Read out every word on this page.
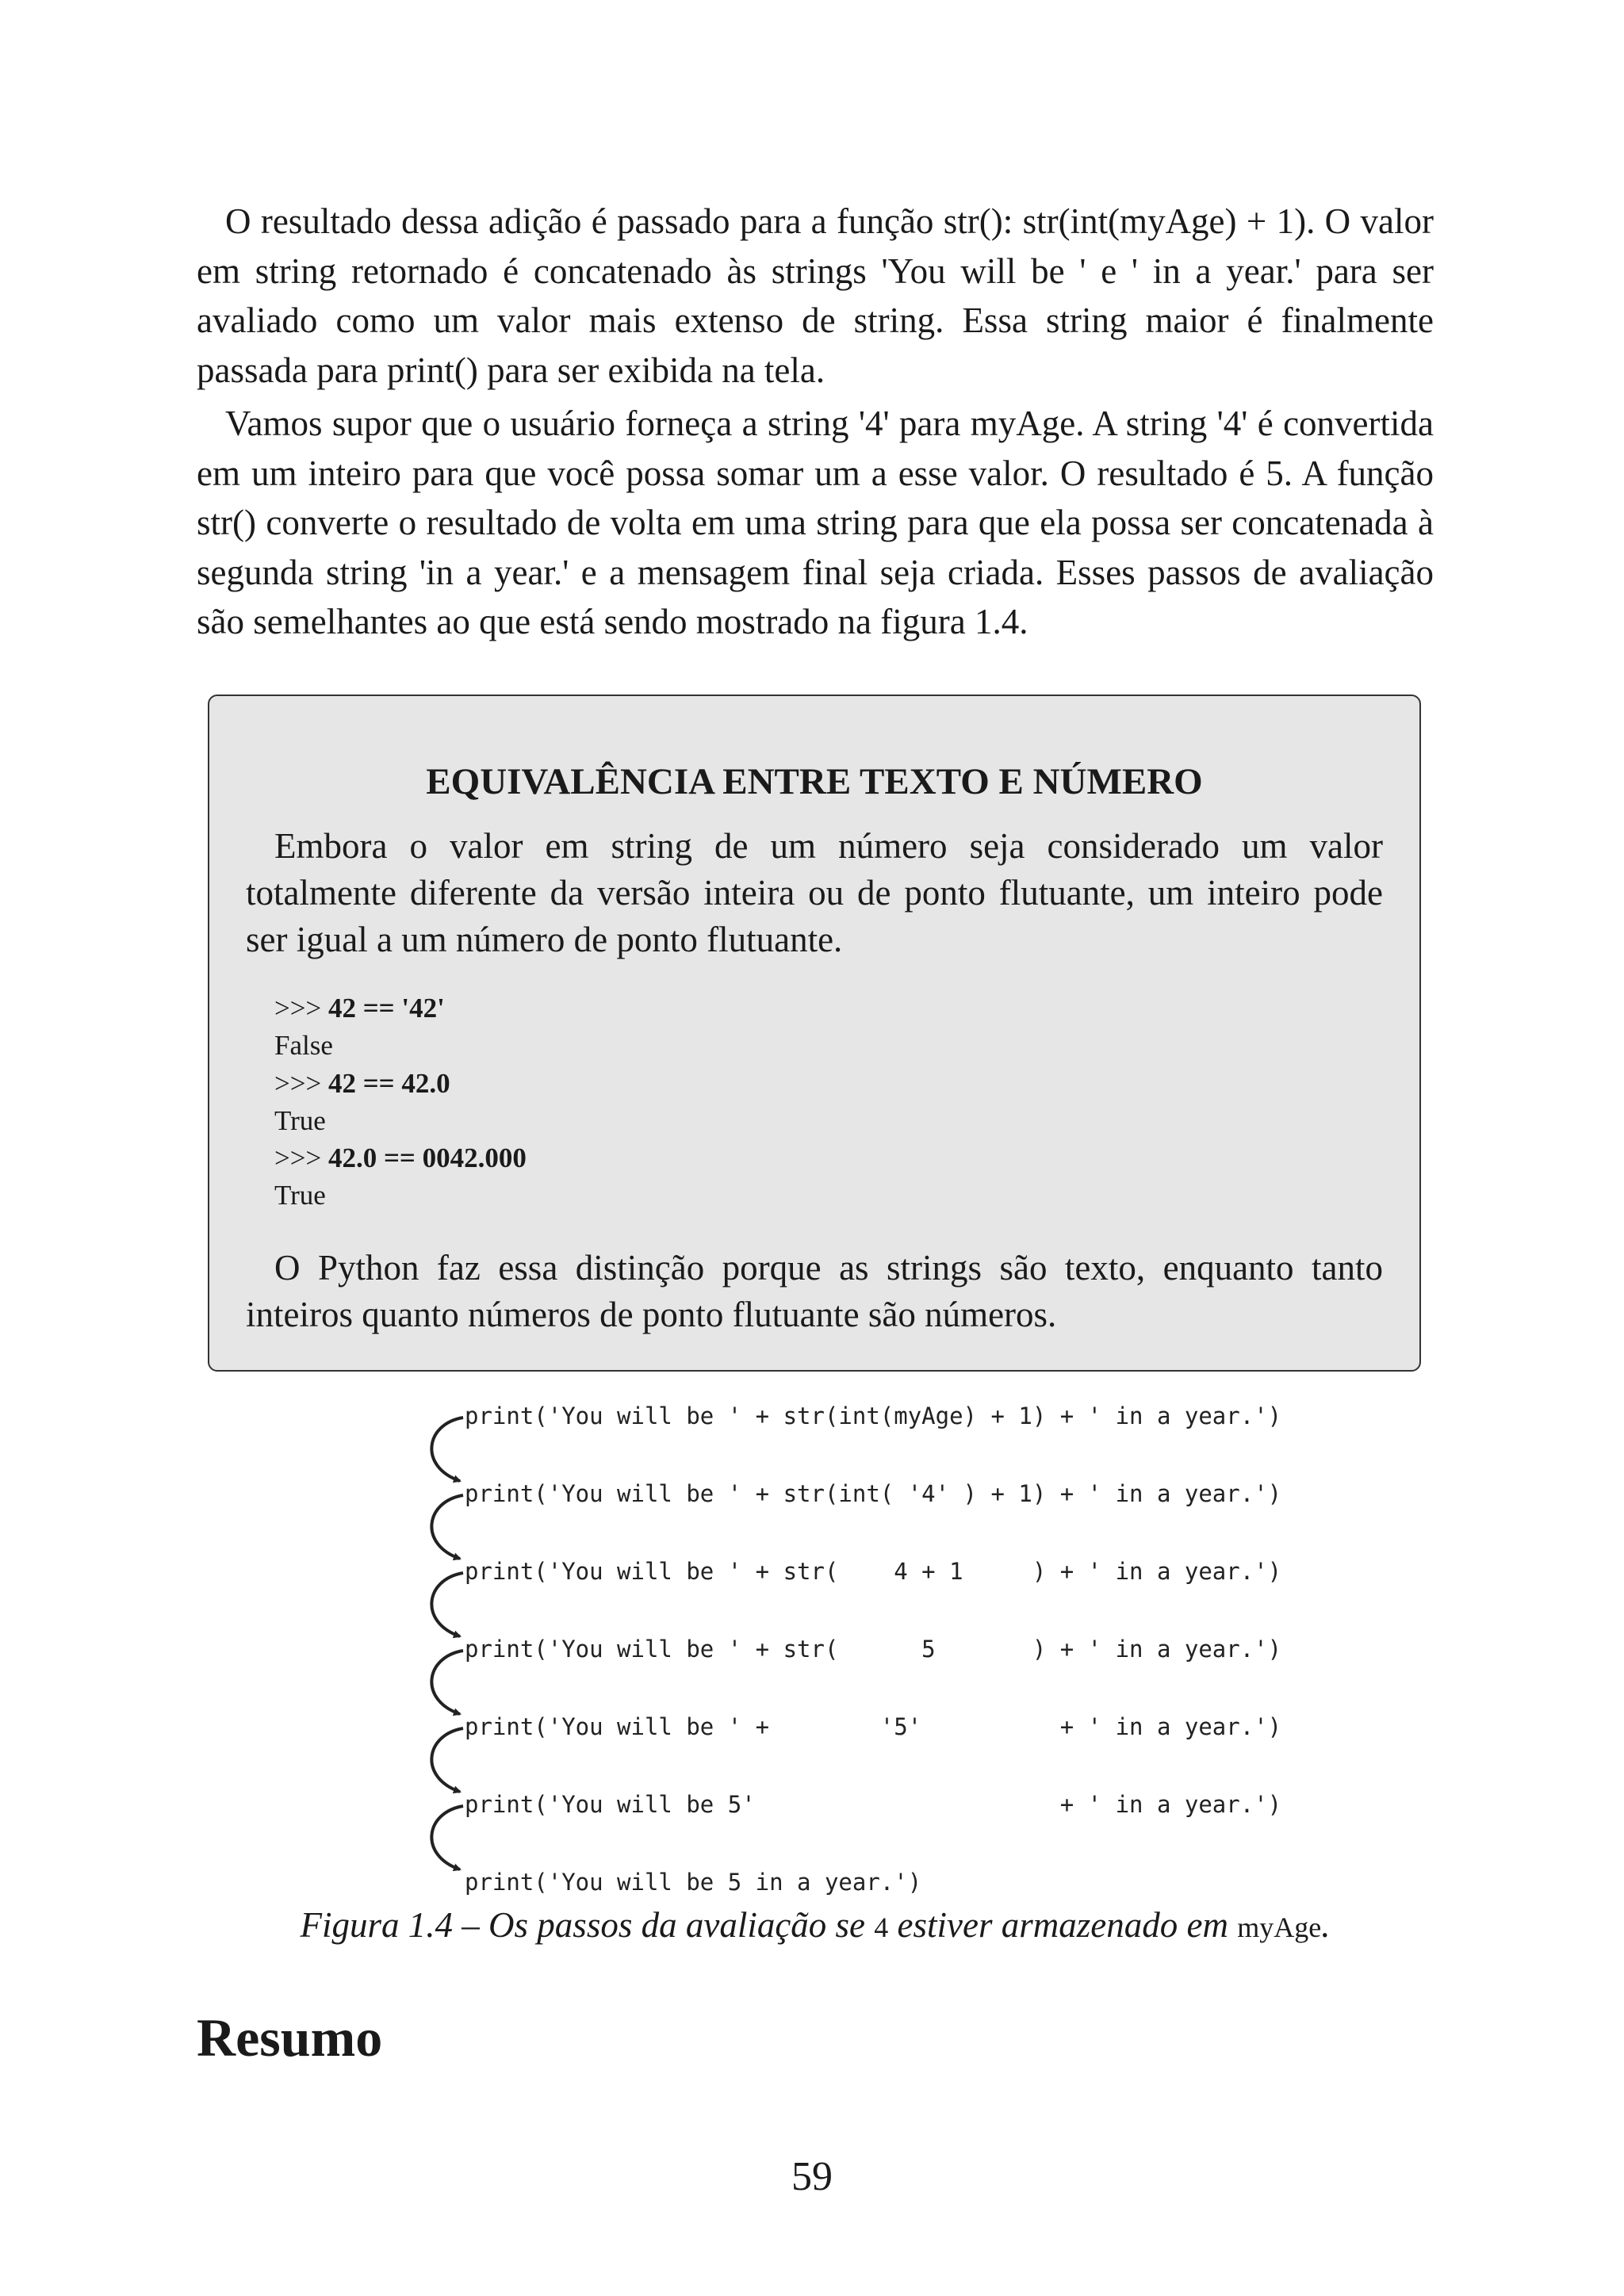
O resultado dessa adição é passado para a função str(): str(int(myAge) + 1). O valor em string retornado é concatenado às strings 'You will be ' e ' in a year.' para ser avaliado como um valor mais extenso de string. Essa string maior é finalmente passada para print() para ser exibida na tela.

Vamos supor que o usuário forneça a string '4' para myAge. A string '4' é convertida em um inteiro para que você possa somar um a esse valor. O resultado é 5. A função str() converte o resultado de volta em uma string para que ela possa ser concatenada à segunda string 'in a year.' e a mensagem final seja criada. Esses passos de avaliação são semelhantes ao que está sendo mostrado na figura 1.4.

EQUIVALÊNCIA ENTRE TEXTO E NÚMERO

Embora o valor em string de um número seja considerado um valor totalmente diferente da versão inteira ou de ponto flutuante, um inteiro pode ser igual a um número de ponto flutuante.

>>> 42 == '42'
False
>>> 42 == 42.0
True
>>> 42.0 == 0042.000
True

O Python faz essa distinção porque as strings são texto, enquanto tanto inteiros quanto números de ponto flutuante são números.

print('You will be ' + str(int(myAge) + 1) + ' in a year.')
print('You will be ' + str(int( '4' ) + 1) + ' in a year.')
print('You will be ' + str(    4 + 1     ) + ' in a year.')
print('You will be ' + str(      5       ) + ' in a year.')
print('You will be ' +        '5'          + ' in a year.')
print('You will be 5'                      + ' in a year.')
print('You will be 5 in a year.')

Figura 1.4 – Os passos da avaliação se 4 estiver armazenado em myAge.

Resumo
59
